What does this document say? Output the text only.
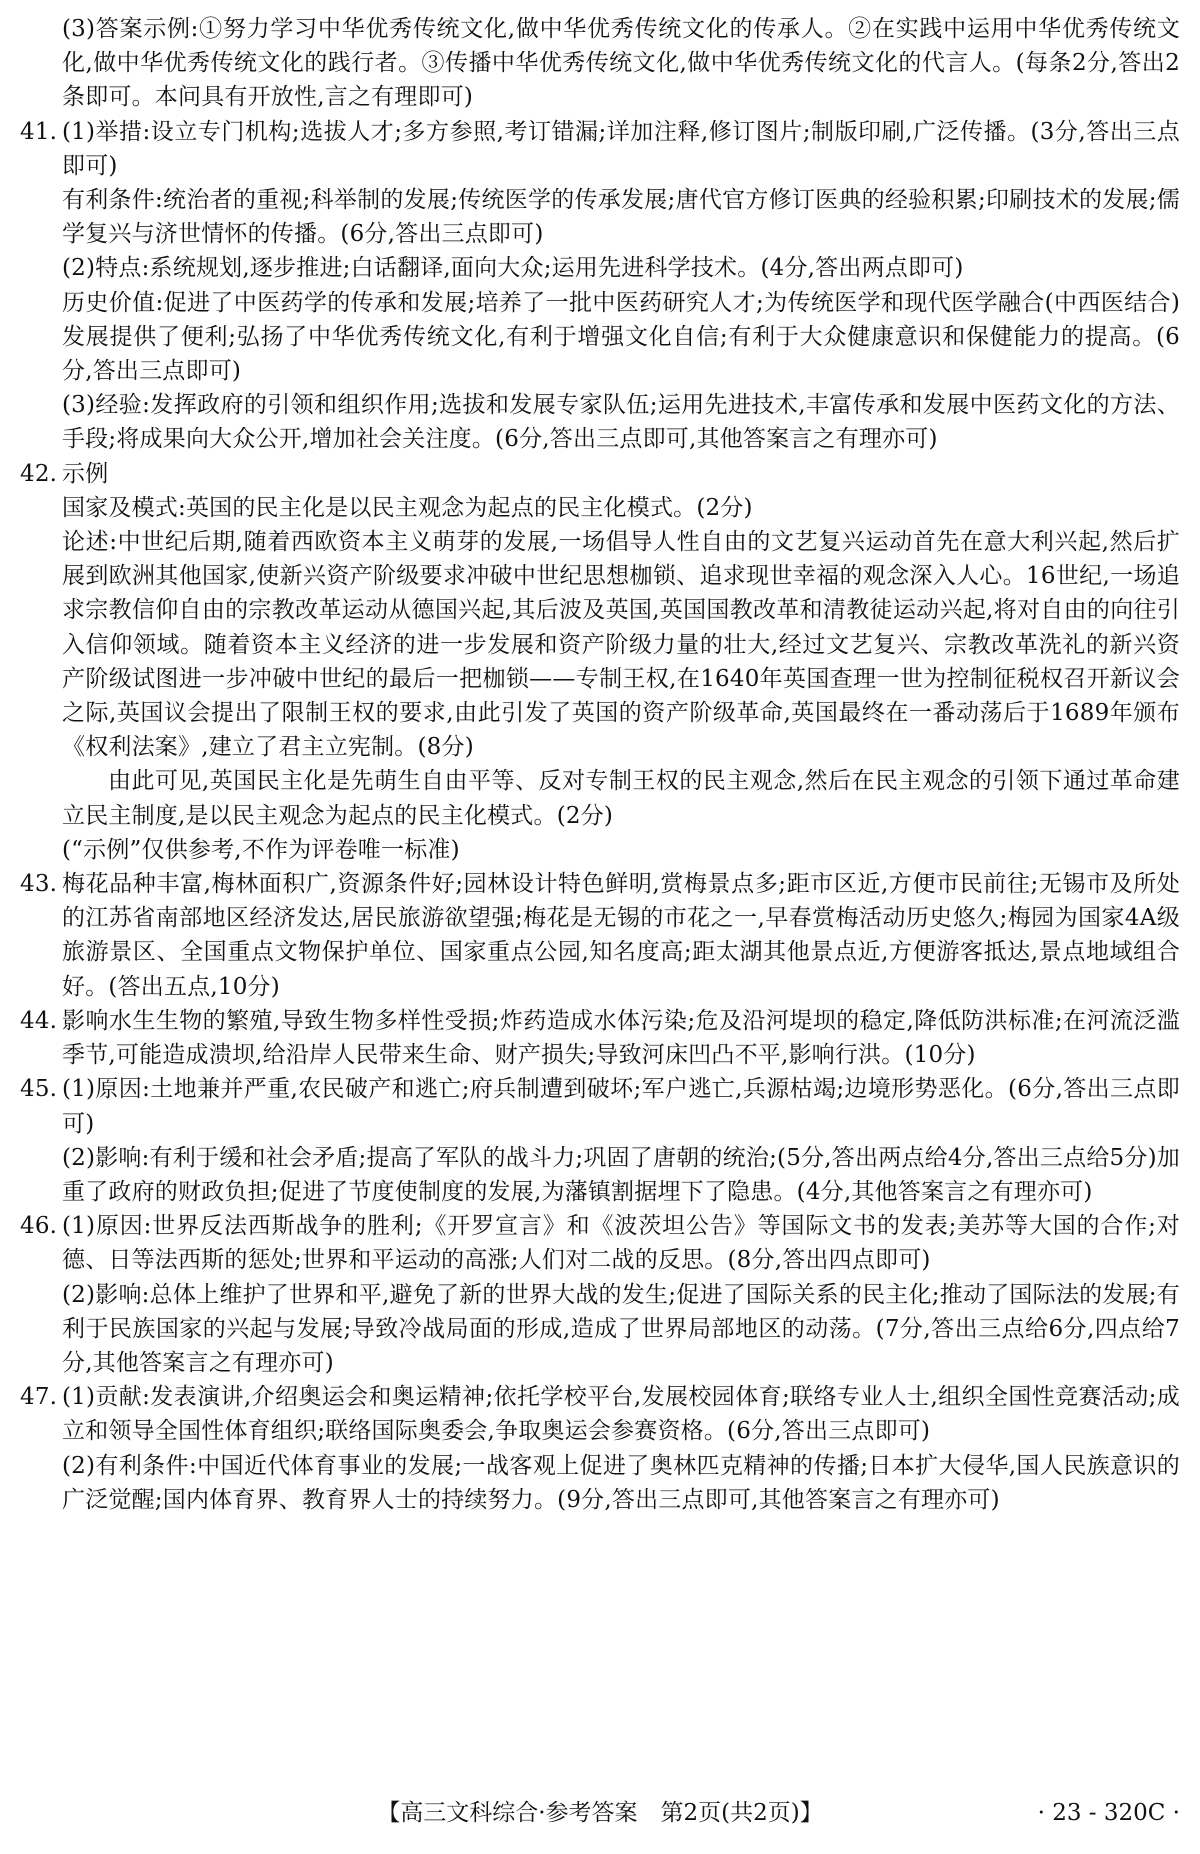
(3)答案示例:①努力学习中华优秀传统文化,做中华优秀传统文化的传承人。②在实践中运用中华优秀传统文化,做中华优秀传统文化的践行者。③传播中华优秀传统文化,做中华优秀传统文化的代言人。(每条2分,答出2条即可。本问具有开放性,言之有理即可)

41. (1)举措:设立专门机构;选拔人才;多方参照,考订错漏;详加注释,修订图片;制版印刷,广泛传播。(3分,答出三点即可)

有利条件:统治者的重视;科举制的发展;传统医学的传承发展;唐代官方修订医典的经验积累;印刷技术的发展;儒学复兴与济世情怀的传播。(6分,答出三点即可)

(2)特点:系统规划,逐步推进;白话翻译,面向大众;运用先进科学技术。(4分,答出两点即可)

历史价值:促进了中医药学的传承和发展;培养了一批中医药研究人才;为传统医学和现代医学融合(中西医结合)发展提供了便利;弘扬了中华优秀传统文化,有利于增强文化自信;有利于大众健康意识和保健能力的提高。(6分,答出三点即可)

(3)经验:发挥政府的引领和组织作用;选拔和发展专家队伍;运用先进技术,丰富传承和发展中医药文化的方法、手段;将成果向大众公开,增加社会关注度。(6分,答出三点即可,其他答案言之有理亦可)

42. 示例

国家及模式:英国的民主化是以民主观念为起点的民主化模式。(2分)

论述:中世纪后期,随着西欧资本主义萌芽的发展,一场倡导人性自由的文艺复兴运动首先在意大利兴起,然后扩展到欧洲其他国家,使新兴资产阶级要求冲破中世纪思想枷锁、追求现世幸福的观念深入人心。16世纪,一场追求宗教信仰自由的宗教改革运动从德国兴起,其后波及英国,英国国教改革和清教徒运动兴起,将对自由的向往引入信仰领域。随着资本主义经济的进一步发展和资产阶级力量的壮大,经过文艺复兴、宗教改革洗礼的新兴资产阶级试图进一步冲破中世纪的最后一把枷锁——专制王权,在1640年英国查理一世为控制征税权召开新议会之际,英国议会提出了限制王权的要求,由此引发了英国的资产阶级革命,英国最终在一番动荡后于1689年颁布《权利法案》,建立了君主立宪制。(8分)

由此可见,英国民主化是先萌生自由平等、反对专制王权的民主观念,然后在民主观念的引领下通过革命建立民主制度,是以民主观念为起点的民主化模式。(2分)

(“示例”仅供参考,不作为评卷唯一标准)

43. 梅花品种丰富,梅林面积广,资源条件好;园林设计特色鲜明,赏梅景点多;距市区近,方便市民前往;无锡市及所处的江苏省南部地区经济发达,居民旅游欲望强;梅花是无锡的市花之一,早春赏梅活动历史悠久;梅园为国家4A级旅游景区、全国重点文物保护单位、国家重点公园,知名度高;距太湖其他景点近,方便游客抵达,景点地域组合好。(答出五点,10分)

44. 影响水生生物的繁殖,导致生物多样性受损;炸药造成水体污染;危及沿河堤坝的稳定,降低防洪标准;在河流泛滥季节,可能造成溃坝,给沿岸人民带来生命、财产损失;导致河床凹凸不平,影响行洪。(10分)

45. (1)原因:土地兼并严重,农民破产和逃亡;府兵制遭到破坏;军户逃亡,兵源枯竭;边境形势恶化。(6分,答出三点即可)

(2)影响:有利于缓和社会矛盾;提高了军队的战斗力;巩固了唐朝的统治;(5分,答出两点给4分,答出三点给5分)加重了政府的财政负担;促进了节度使制度的发展,为藩镇割据埋下了隐患。(4分,其他答案言之有理亦可)

46. (1)原因:世界反法西斯战争的胜利;《开罗宣言》和《波茨坦公告》等国际文书的发表;美苏等大国的合作;对德、日等法西斯的惩处;世界和平运动的高涨;人们对二战的反思。(8分,答出四点即可)

(2)影响:总体上维护了世界和平,避免了新的世界大战的发生;促进了国际关系的民主化;推动了国际法的发展;有利于民族国家的兴起与发展;导致冷战局面的形成,造成了世界局部地区的动荡。(7分,答出三点给6分,四点给7分,其他答案言之有理亦可)

47. (1)贡献:发表演讲,介绍奥运会和奥运精神;依托学校平台,发展校园体育;联络专业人士,组织全国性竞赛活动;成立和领导全国性体育组织;联络国际奥委会,争取奥运会参赛资格。(6分,答出三点即可)

(2)有利条件:中国近代体育事业的发展;一战客观上促进了奥林匹克精神的传播;日本扩大侵华,国人民族意识的广泛觉醒;国内体育界、教育界人士的持续努力。(9分,答出三点即可,其他答案言之有理亦可)

【高三文科综合·参考答案　第2页(共2页)】	· 23 - 320C ·
